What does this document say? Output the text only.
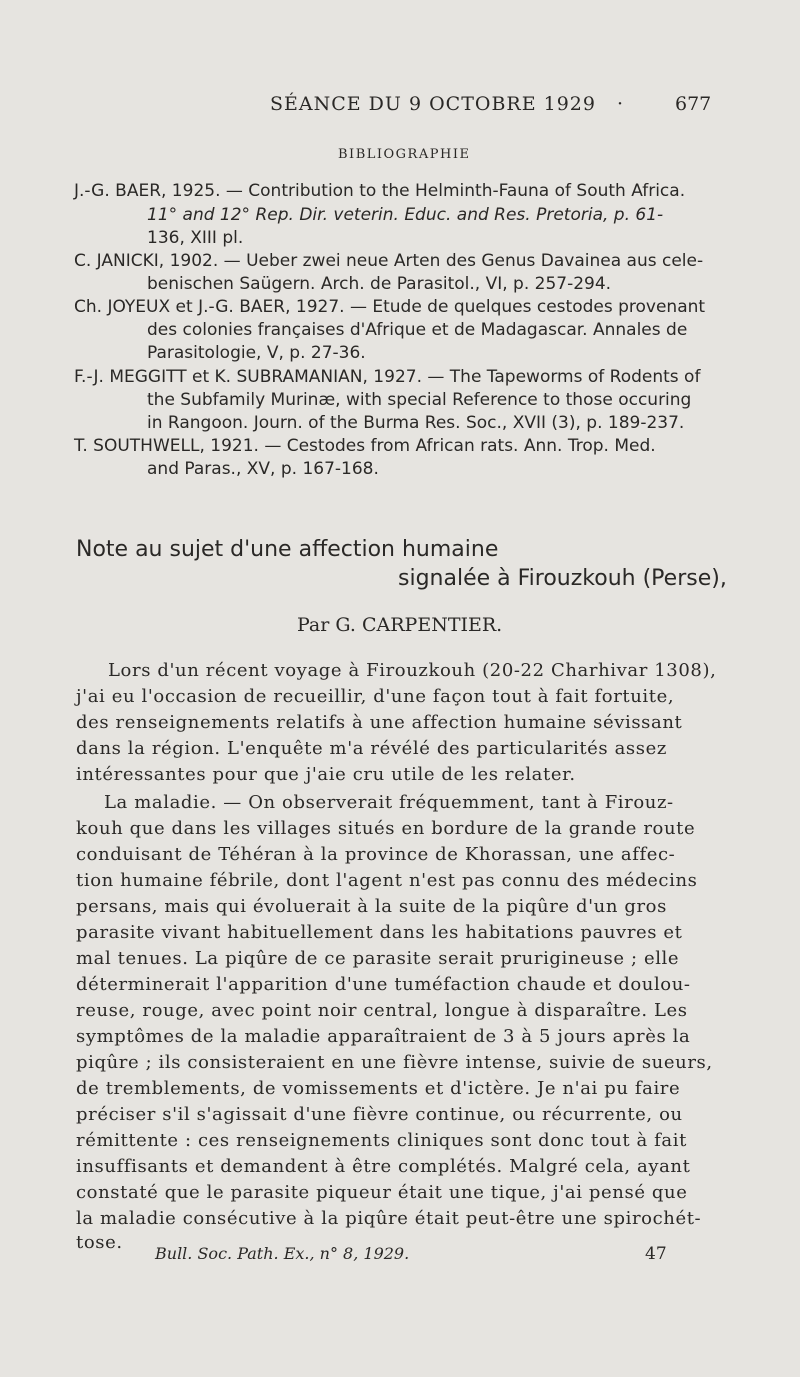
SÉANCE DU 9 OCTOBRE 1929 ·	677
BIBLIOGRAPHIE
J.-G. BAER, 1925. — Contribution to the Helminth-Fauna of South Africa.
11° and 12° Rep. Dir. veterin. Educ. and Res. Pretoria, p. 61-
136, XIII pl.
C. JANICKI, 1902. — Ueber zwei neue Arten des Genus Davainea aus cele-
benischen Saügern. Arch. de Parasitol., VI, p. 257-294.
Ch. JOYEUX et J.-G. BAER, 1927. — Etude de quelques cestodes provenant
des colonies françaises d'Afrique et de Madagascar. Annales de
Parasitologie, V, p. 27-36.
F.-J. MEGGITT et K. SUBRAMANIAN, 1927. — The Tapeworms of Rodents of
the Subfamily Murinæ, with special Reference to those occuring
in Rangoon. Journ. of the Burma Res. Soc., XVII (3), p. 189-237.
T. SOUTHWELL, 1921. — Cestodes from African rats. Ann. Trop. Med.
and Paras., XV, p. 167-168.
Note au sujet d'une affection humaine
signalée à Firouzkouh (Perse),
Par G. CARPENTIER.
Lors d'un récent voyage à Firouzkouh (20-22 Charhivar 1308),
j'ai eu l'occasion de recueillir, d'une façon tout à fait fortuite,
des renseignements relatifs à une affection humaine sévissant
dans la région. L'enquête m'a révélé des particularités assez
intéressantes pour que j'aie cru utile de les relater.
La maladie. — On observerait fréquemment, tant à Firouz-
kouh que dans les villages situés en bordure de la grande route
conduisant de Téhéran à la province de Khorassan, une affec-
tion humaine fébrile, dont l'agent n'est pas connu des médecins
persans, mais qui évoluerait à la suite de la piqûre d'un gros
parasite vivant habituellement dans les habitations pauvres et
mal tenues. La piqûre de ce parasite serait prurigineuse ; elle
déterminerait l'apparition d'une tuméfaction chaude et doulou-
reuse, rouge, avec point noir central, longue à disparaître. Les
symptômes de la maladie apparaîtraient de 3 à 5 jours après la
piqûre ; ils consisteraient en une fièvre intense, suivie de sueurs,
de tremblements, de vomissements et d'ictère. Je n'ai pu faire
préciser s'il s'agissait d'une fièvre continue, ou récurrente, ou
rémittente : ces renseignements cliniques sont donc tout à fait
insuffisants et demandent à être complétés. Malgré cela, ayant
constaté que le parasite piqueur était une tique, j'ai pensé que
la maladie consécutive à la piqûre était peut-être une spirochét-
tose.
Bull. Soc. Path. Ex., n° 8, 1929.	47
